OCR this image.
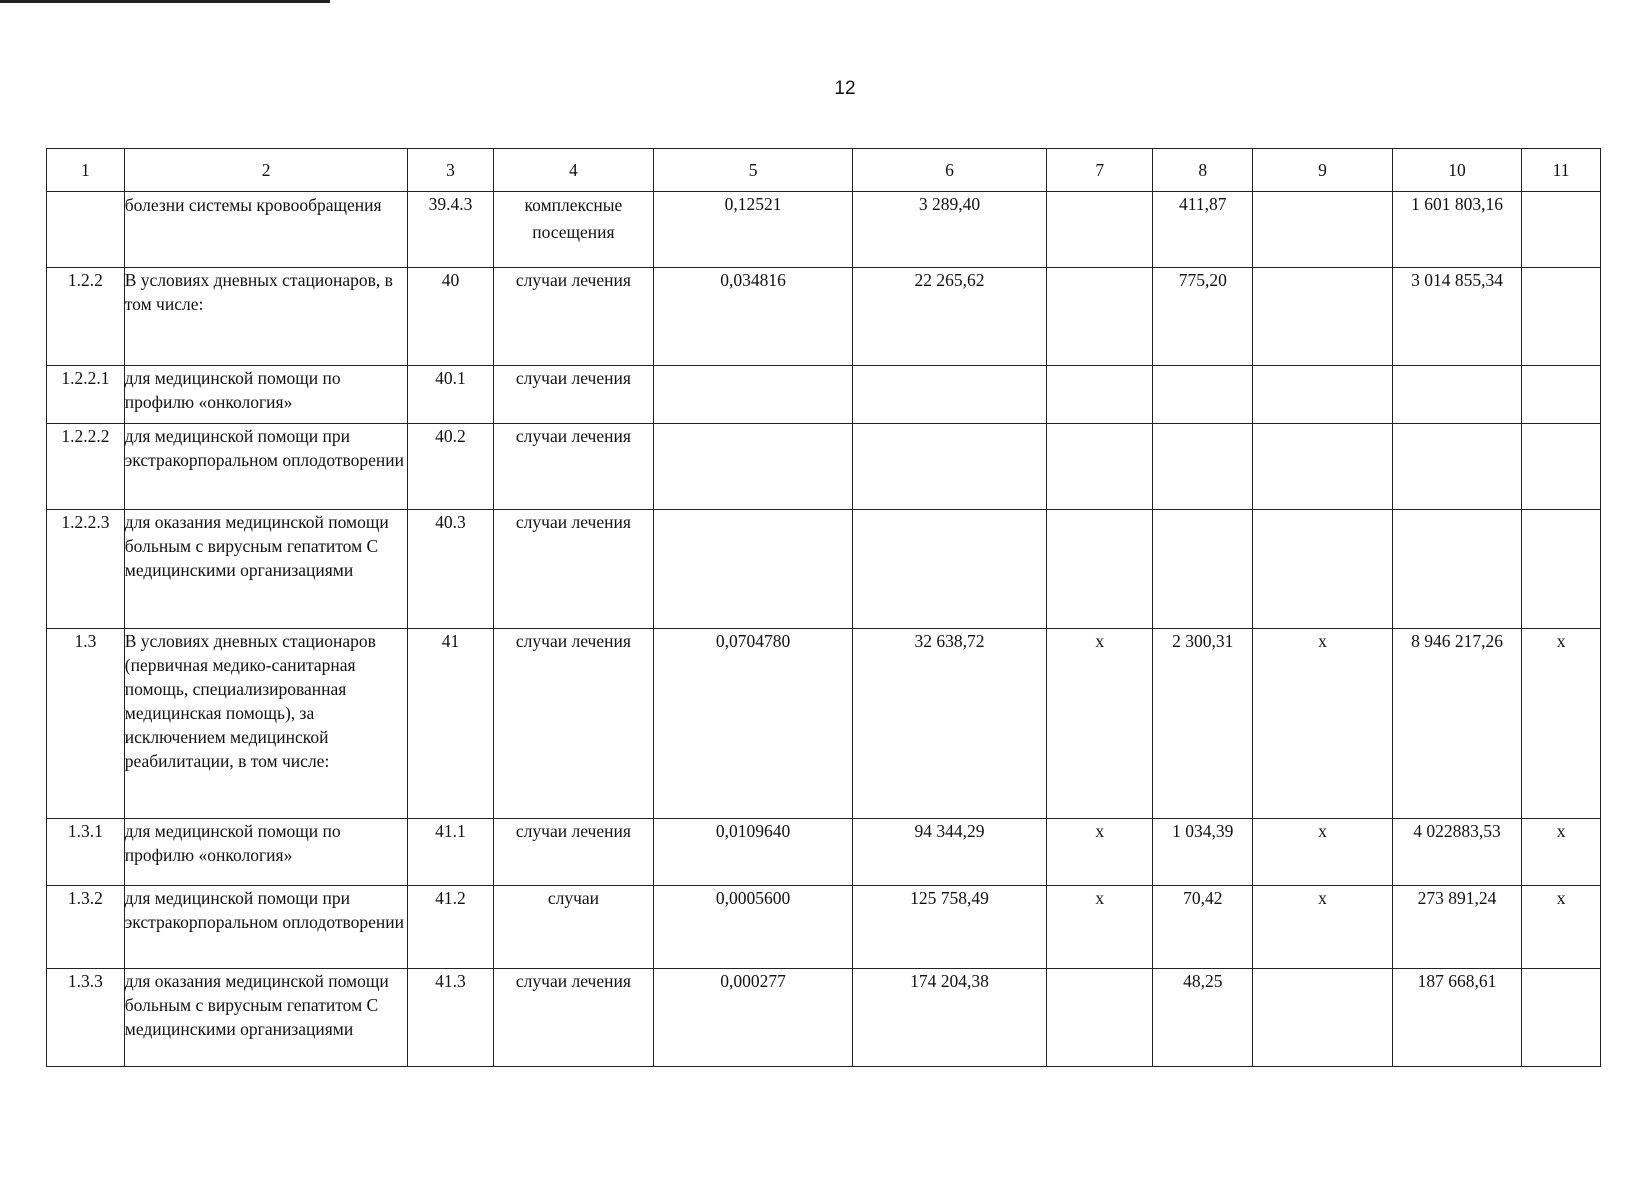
12
1	2	3	4	5	6	7	8	9	10	11
	болезни системы кровообращения	39.4.3	комплексные посещения	0,12521	3 289,40		411,87		1 601 803,16	
1.2.2	В условиях дневных стационаров, в том числе:	40	случаи лечения	0,034816	22 265,62		775,20		3 014 855,34	
1.2.2.1	для медицинской помощи по профилю «онкология»	40.1	случаи лечения							
1.2.2.2	для медицинской помощи при экстракорпоральном оплодотворении	40.2	случаи лечения							
1.2.2.3	для оказания медицинской помощи больным с вирусным гепатитом С медицинскими организациями	40.3	случаи лечения							
1.3	В условиях дневных стационаров (первичная медико-санитарная помощь, специализированная медицинская помощь), за исключением медицинской реабилитации, в том числе:	41	случаи лечения	0,0704780	32 638,72	х	2 300,31	х	8 946 217,26	х
1.3.1	для медицинской помощи по профилю «онкология»	41.1	случаи лечения	0,0109640	94 344,29	х	1 034,39	х	4 022883,53	х
1.3.2	для медицинской помощи при экстракорпоральном оплодотворении	41.2	случаи	0,0005600	125 758,49	х	70,42	х	273 891,24	х
1.3.3	для оказания медицинской помощи больным с вирусным гепатитом С медицинскими организациями	41.3	случаи лечения	0,000277	174 204,38		48,25		187 668,61	
